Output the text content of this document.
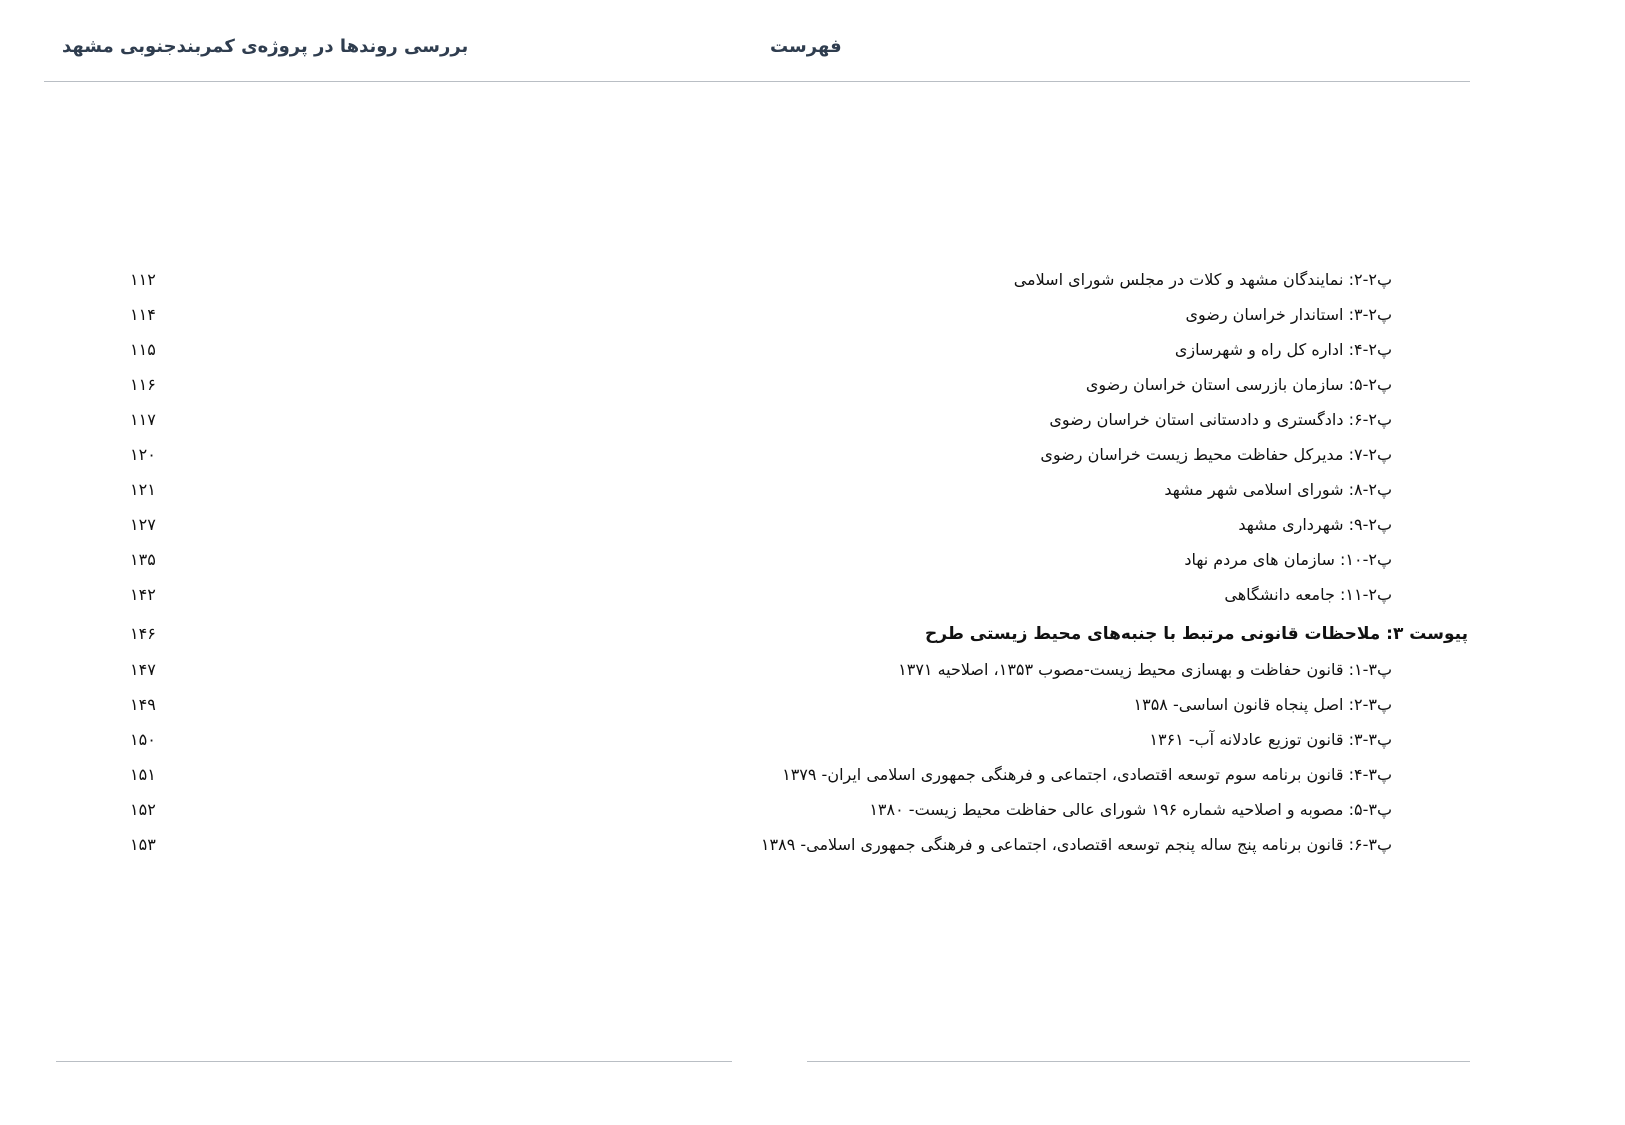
بررسی روندها در پروژه‌ی کمربندجنوبی مشهد	فهرست
پ۲-۲: نمایندگان مشهد و کلات در مجلس شورای اسلامی
۱۱۲
پ۲-۳: استاندار خراسان رضوی
۱۱۴
پ۲-۴: اداره کل راه و شهرسازی
۱۱۵
پ۲-۵: سازمان بازرسی استان خراسان رضوی
۱۱۶
پ۲-۶: دادگستری و دادستانی استان خراسان رضوی
۱۱۷
پ۲-۷: مدیرکل حفاظت محیط زیست خراسان رضوی
۱۲۰
پ۲-۸: شورای اسلامی شهر مشهد
۱۲۱
پ۲-۹: شهرداری مشهد
۱۲۷
پ۲-۱۰: سازمان های مردم نهاد
۱۳۵
پ۲-۱۱: جامعه دانشگاهی
۱۴۲
پیوست ۳: ملاحظات قانونی مرتبط با جنبه‌های محیط زیستی طرح
۱۴۶
پ۳-۱: قانون حفاظت و بهسازی محیط زیست-مصوب ۱۳۵۳، اصلاحیه ۱۳۷۱
۱۴۷
پ۳-۲: اصل پنجاه قانون اساسی- ۱۳۵۸
۱۴۹
پ۳-۳: قانون توزیع عادلانه آب- ۱۳۶۱
۱۵۰
پ۳-۴: قانون برنامه سوم توسعه اقتصادی، اجتماعی و فرهنگی جمهوری اسلامی ایران- ۱۳۷۹
۱۵۱
پ۳-۵: مصوبه و اصلاحیه شماره ۱۹۶ شورای عالی حفاظت محیط زیست- ۱۳۸۰
۱۵۲
پ۳-۶: قانون برنامه پنج ساله پنجم توسعه اقتصادی، اجتماعی و فرهنگی جمهوری اسلامی- ۱۳۸۹
۱۵۳
